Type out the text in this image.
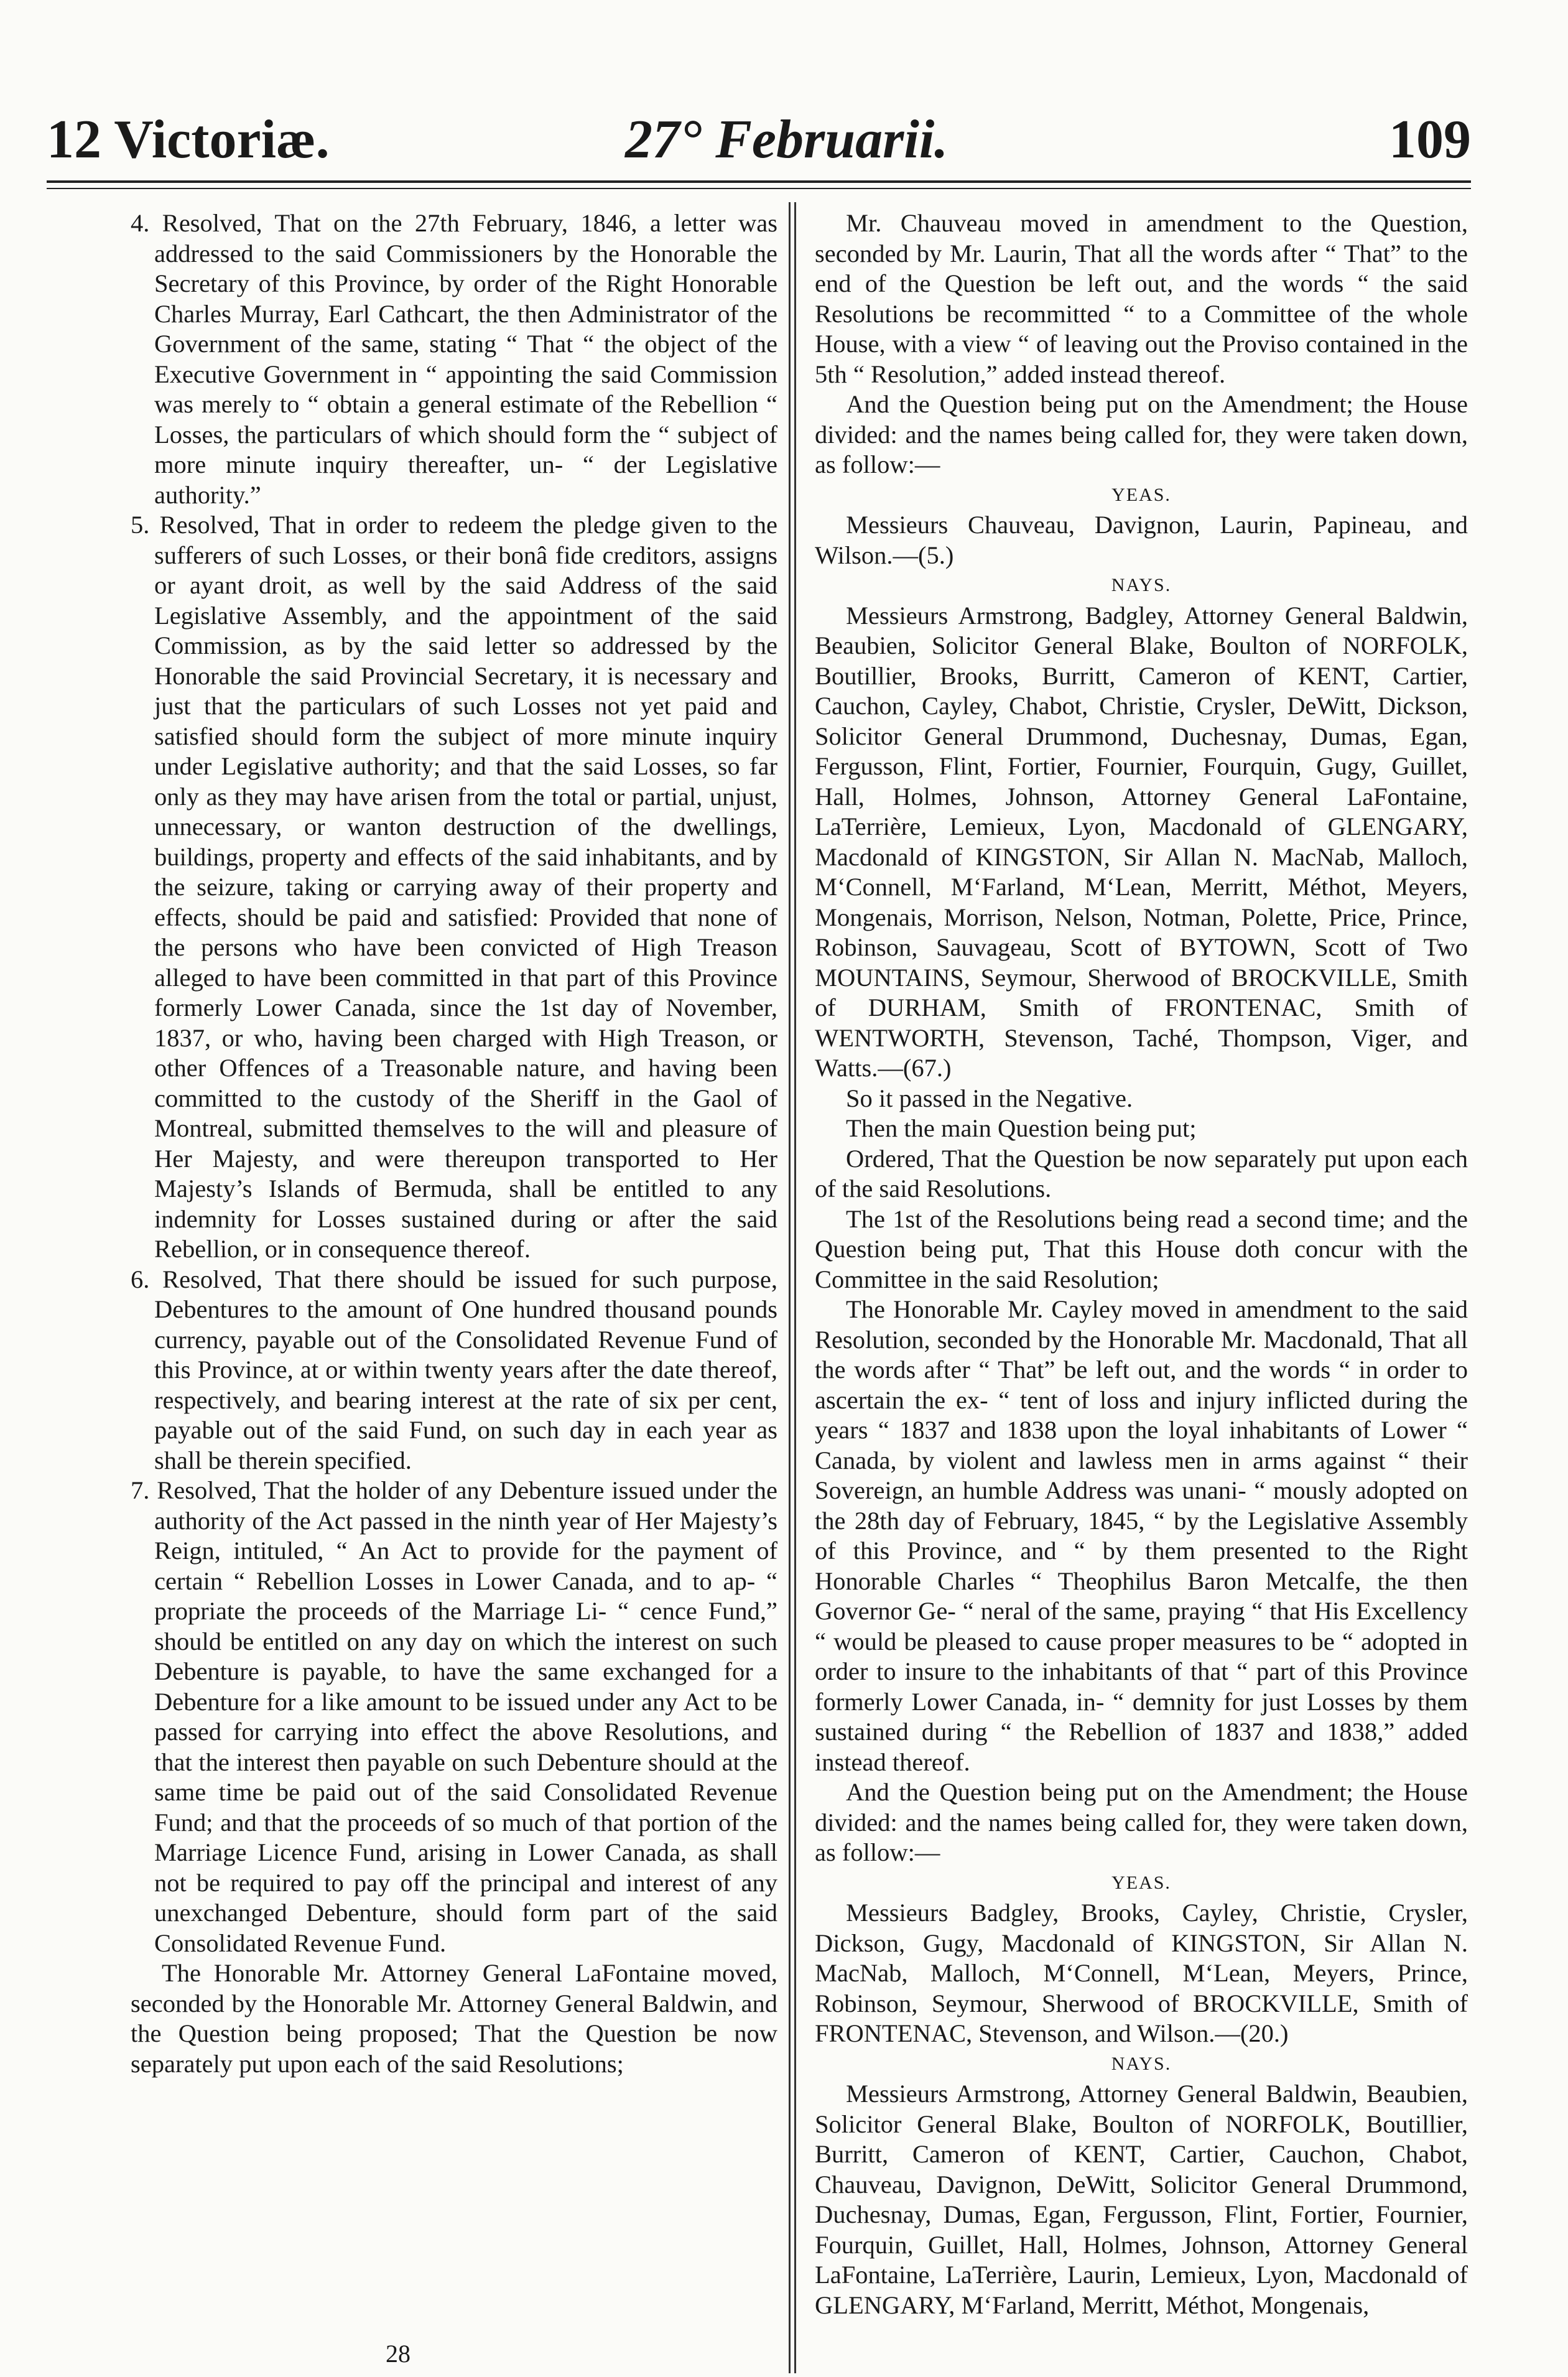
12 Victoriæ.	27° Februarii.	109

4. Resolved, That on the 27th February, 1846, a letter was addressed to the said Commissioners by the Honorable the Secretary of this Province, by order of the Right Honorable Charles Murray, Earl Cathcart, the then Administrator of the Government of the same, stating “ That “ the object of the Executive Government in “ appointing the said Commission was merely to “ obtain a general estimate of the Rebellion “ Losses, the particulars of which should form the “ subject of more minute inquiry thereafter, un- “ der Legislative authority.”

5. Resolved, That in order to redeem the pledge given to the sufferers of such Losses, or their bonâ fide creditors, assigns or ayant droit, as well by the said Address of the said Legislative Assembly, and the appointment of the said Commission, as by the said letter so addressed by the Honorable the said Provincial Secretary, it is necessary and just that the particulars of such Losses not yet paid and satisfied should form the subject of more minute inquiry under Legislative authority; and that the said Losses, so far only as they may have arisen from the total or partial, unjust, unnecessary, or wanton destruction of the dwellings, buildings, property and effects of the said inhabitants, and by the seizure, taking or carrying away of their property and effects, should be paid and satisfied: Provided that none of the persons who have been convicted of High Treason alleged to have been committed in that part of this Province formerly Lower Canada, since the 1st day of November, 1837, or who, having been charged with High Treason, or other Offences of a Treasonable nature, and having been committed to the custody of the Sheriff in the Gaol of Montreal, submitted themselves to the will and pleasure of Her Majesty, and were thereupon transported to Her Majesty’s Islands of Bermuda, shall be entitled to any indemnity for Losses sustained during or after the said Rebellion, or in consequence thereof.

6. Resolved, That there should be issued for such purpose, Debentures to the amount of One hundred thousand pounds currency, payable out of the Consolidated Revenue Fund of this Province, at or within twenty years after the date thereof, respectively, and bearing interest at the rate of six per cent, payable out of the said Fund, on such day in each year as shall be therein specified.

7. Resolved, That the holder of any Debenture issued under the authority of the Act passed in the ninth year of Her Majesty’s Reign, intituled, “ An Act to provide for the payment of certain “ Rebellion Losses in Lower Canada, and to ap- “ propriate the proceeds of the Marriage Li- “ cence Fund,” should be entitled on any day on which the interest on such Debenture is payable, to have the same exchanged for a Debenture for a like amount to be issued under any Act to be passed for carrying into effect the above Resolutions, and that the interest then payable on such Debenture should at the same time be paid out of the said Consolidated Revenue Fund; and that the proceeds of so much of that portion of the Marriage Licence Fund, arising in Lower Canada, as shall not be required to pay off the principal and interest of any unexchanged Debenture, should form part of the said Consolidated Revenue Fund.

The Honorable Mr. Attorney General LaFontaine moved, seconded by the Honorable Mr. Attorney General Baldwin, and the Question being proposed; That the Question be now separately put upon each of the said Resolutions;

Mr. Chauveau moved in amendment to the Question, seconded by Mr. Laurin, That all the words after “ That” to the end of the Question be left out, and the words “ the said Resolutions be recommitted “ to a Committee of the whole House, with a view “ of leaving out the Proviso contained in the 5th “ Resolution,” added instead thereof.

And the Question being put on the Amendment; the House divided: and the names being called for, they were taken down, as follow:—

YEAS.

Messieurs Chauveau, Davignon, Laurin, Papineau, and Wilson.—(5.)

NAYS.

Messieurs Armstrong, Badgley, Attorney General Baldwin, Beaubien, Solicitor General Blake, Boulton of NORFOLK, Boutillier, Brooks, Burritt, Cameron of KENT, Cartier, Cauchon, Cayley, Chabot, Christie, Crysler, DeWitt, Dickson, Solicitor General Drummond, Duchesnay, Dumas, Egan, Fergusson, Flint, Fortier, Fournier, Fourquin, Gugy, Guillet, Hall, Holmes, Johnson, Attorney General LaFontaine, LaTerrière, Lemieux, Lyon, Macdonald of GLENGARY, Macdonald of KINGSTON, Sir Allan N. MacNab, Malloch, M‘Connell, M‘Farland, M‘Lean, Merritt, Méthot, Meyers, Mongenais, Morrison, Nelson, Notman, Polette, Price, Prince, Robinson, Sauvageau, Scott of BYTOWN, Scott of Two MOUNTAINS, Seymour, Sherwood of BROCKVILLE, Smith of DURHAM, Smith of FRONTENAC, Smith of WENTWORTH, Stevenson, Taché, Thompson, Viger, and Watts.—(67.)

So it passed in the Negative.

Then the main Question being put;

Ordered, That the Question be now separately put upon each of the said Resolutions.

The 1st of the Resolutions being read a second time; and the Question being put, That this House doth concur with the Committee in the said Resolution;

The Honorable Mr. Cayley moved in amendment to the said Resolution, seconded by the Honorable Mr. Macdonald, That all the words after “ That” be left out, and the words “ in order to ascertain the ex- “ tent of loss and injury inflicted during the years “ 1837 and 1838 upon the loyal inhabitants of Lower “ Canada, by violent and lawless men in arms against “ their Sovereign, an humble Address was unani- “ mously adopted on the 28th day of February, 1845, “ by the Legislative Assembly of this Province, and “ by them presented to the Right Honorable Charles “ Theophilus Baron Metcalfe, the then Governor Ge- “ neral of the same, praying “ that His Excellency “ would be pleased to cause proper measures to be “ adopted in order to insure to the inhabitants of that “ part of this Province formerly Lower Canada, in- “ demnity for just Losses by them sustained during “ the Rebellion of 1837 and 1838,” added instead thereof.

And the Question being put on the Amendment; the House divided: and the names being called for, they were taken down, as follow:—

YEAS.

Messieurs Badgley, Brooks, Cayley, Christie, Crysler, Dickson, Gugy, Macdonald of KINGSTON, Sir Allan N. MacNab, Malloch, M‘Connell, M‘Lean, Meyers, Prince, Robinson, Seymour, Sherwood of BROCKVILLE, Smith of FRONTENAC, Stevenson, and Wilson.—(20.)

NAYS.

Messieurs Armstrong, Attorney General Baldwin, Beaubien, Solicitor General Blake, Boulton of NORFOLK, Boutillier, Burritt, Cameron of KENT, Cartier, Cauchon, Chabot, Chauveau, Davignon, DeWitt, Solicitor General Drummond, Duchesnay, Dumas, Egan, Fergusson, Flint, Fortier, Fournier, Fourquin, Guillet, Hall, Holmes, Johnson, Attorney General LaFontaine, LaTerrière, Laurin, Lemieux, Lyon, Macdonald of GLENGARY, M‘Farland, Merritt, Méthot, Mongenais,

28
